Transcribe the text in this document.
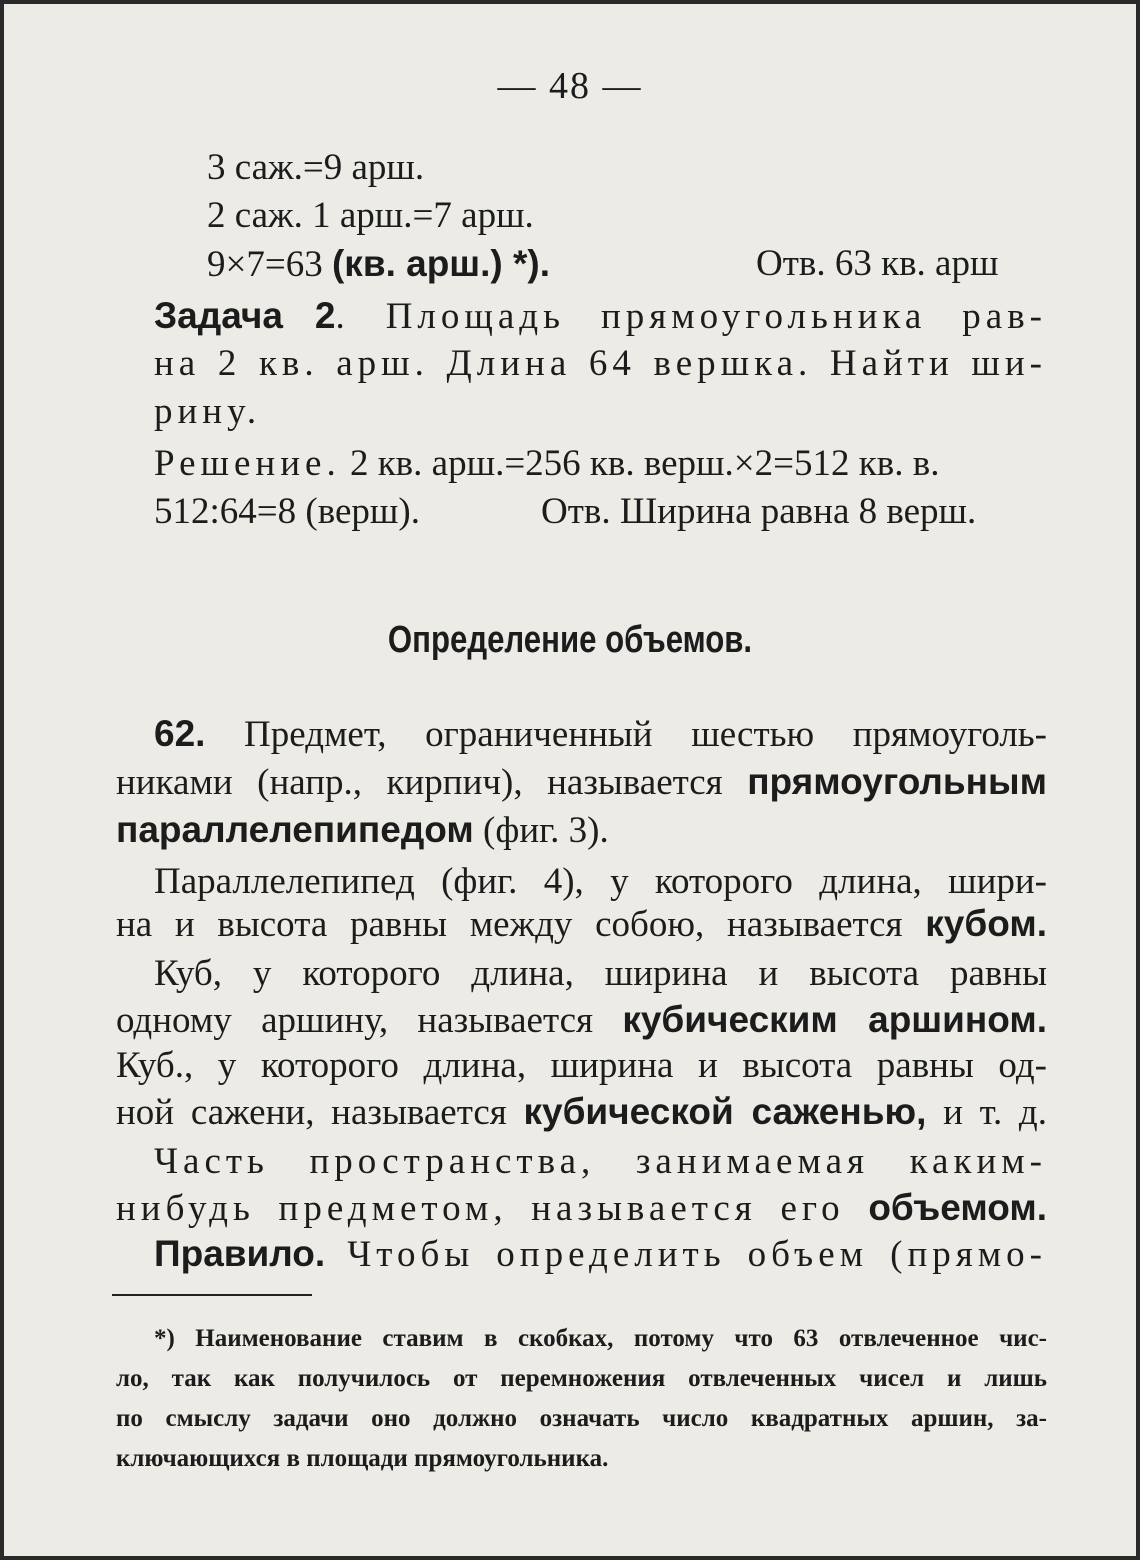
— 48 —
3 саж.=9 арш.
2 саж. 1 арш.=7 арш.
9×7=63 (кв. арш.) *).	Отв. 63 кв. арш
Задача 2. Площадь прямоугольника рав-
на 2 кв. арш. Длина 64 вершка. Найти ши-
рину.
Решение. 2 кв. арш.=256 кв. верш.×2=512 кв. в.
512:64=8 (верш).	Отв. Ширина равна 8 верш.
Определение объемов.
62. Предмет, ограниченный шестью прямоуголь-
никами (напр., кирпич), называется прямоугольным
параллелепипедом (фиг. 3).
Параллелепипед (фиг. 4), у которого длина, шири-
на и высота равны между собою, называется кубом.
Куб, у которого длина, ширина и высота равны
одному аршину, называется кубическим аршином.
Куб., у которого длина, ширина и высота равны од-
ной сажени, называется кубической саженью, и т. д.
Часть пространства, занимаемая каким-
нибудь предметом, называется его объемом.
Правило. Чтобы определить объем (прямо-
*) Наименование ставим в скобках, потому что 63 отвлеченное чис-
ло, так как получилось от перемножения отвлеченных чисел и лишь
по смыслу задачи оно должно означать число квадратных аршин, за-
ключающихся в площади прямоугольника.
